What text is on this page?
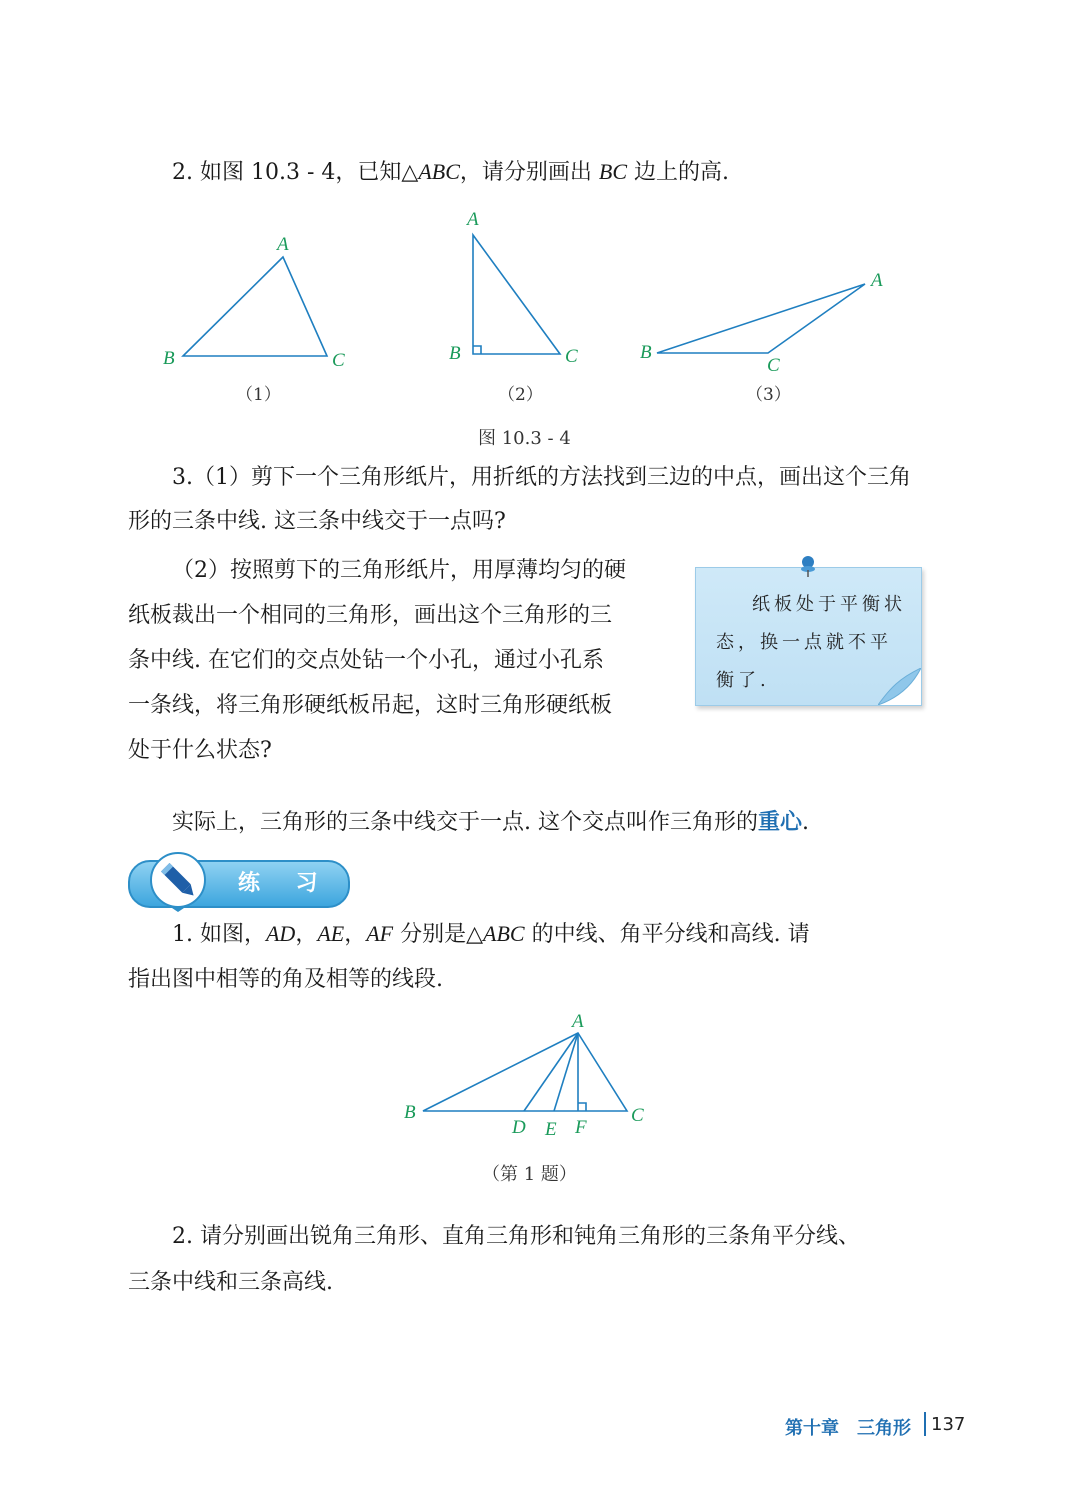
2. 如图 10.3 - 4，已知△ABC，请分别画出 BC 边上的高.
A
B	C
A
B	C
A
B
C
（1）	（2）	（3）
图 10.3 - 4
3.（1）剪下一个三角形纸片，用折纸的方法找到三边的中点，画出这个三角形的三条中线. 这三条中线交于一点吗?
（2）按照剪下的三角形纸片，用厚薄均匀的硬
纸板裁出一个相同的三角形，画出这个三角形的三
条中线. 在它们的交点处钻一个小孔，通过小孔系
一条线，将三角形硬纸板吊起，这时三角形硬纸板
处于什么状态?
纸板处于平衡状态，换一点就不平衡了.
实际上，三角形的三条中线交于一点. 这个交点叫作三角形的重心.
练 习
1. 如图，AD，AE，AF 分别是△ABC 的中线、角平分线和高线. 请
指出图中相等的角及相等的线段.
A
B	C
D E F
（第 1 题）
2. 请分别画出锐角三角形、直角三角形和钝角三角形的三条角平分线、
三条中线和三条高线.
第十章　三角形 137
